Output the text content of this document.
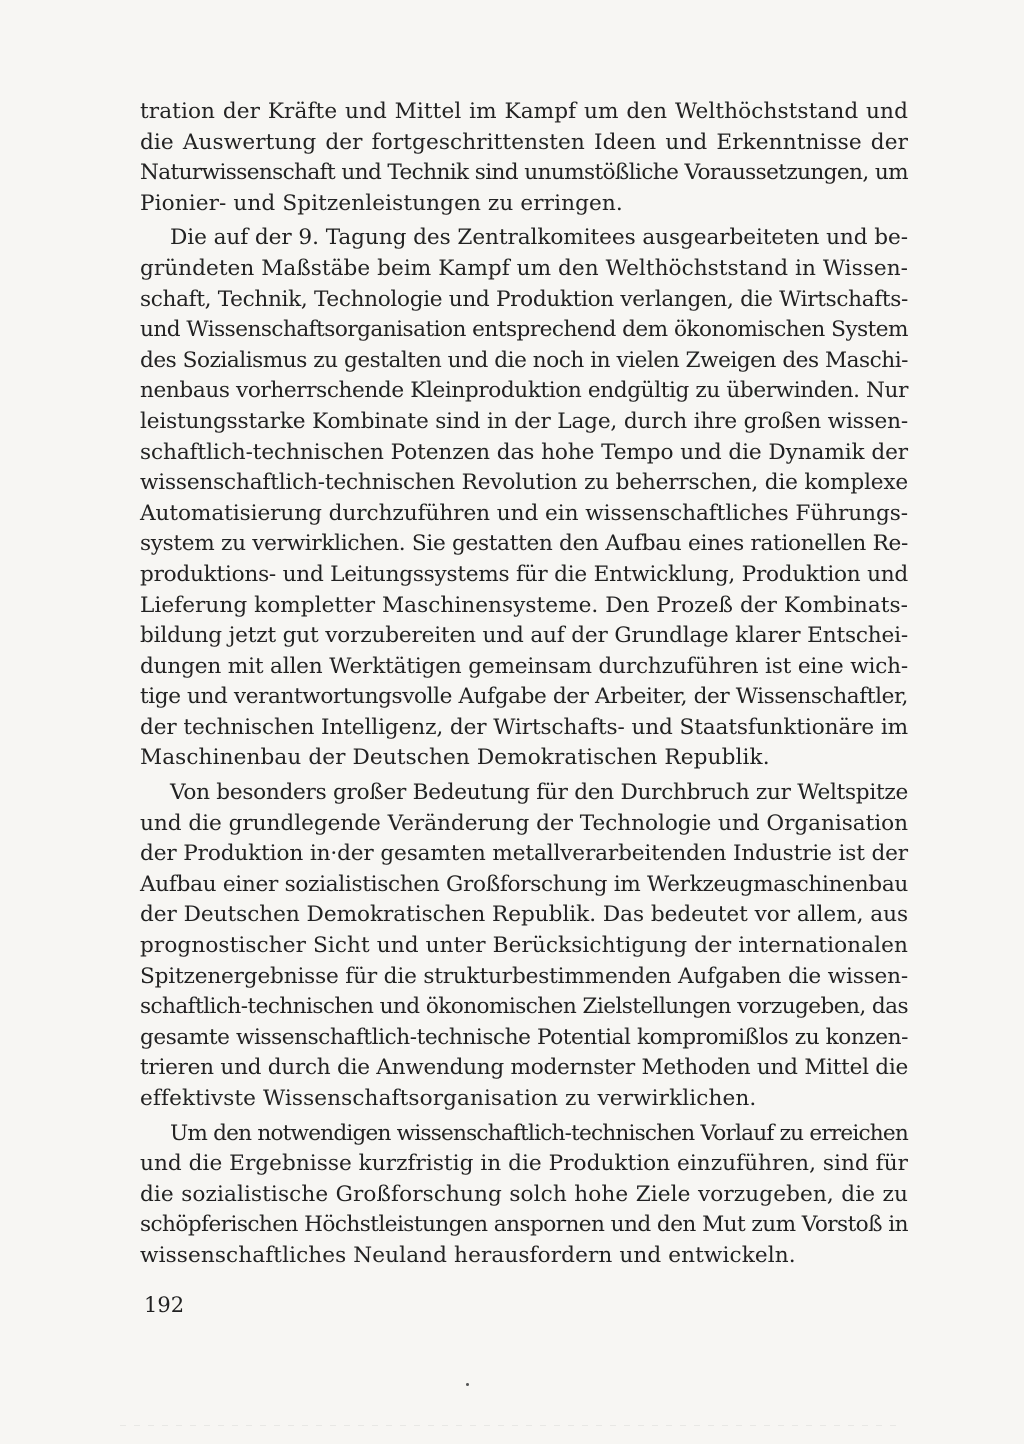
tration der Kräfte und Mittel im Kampf um den Welthöchststand und
die Auswertung der fortgeschrittensten Ideen und Erkenntnisse der
Naturwissenschaft und Technik sind unumstößliche Voraussetzungen, um
Pionier- und Spitzenleistungen zu erringen.

Die auf der 9. Tagung des Zentralkomitees ausgearbeiteten und be-
gründeten Maßstäbe beim Kampf um den Welthöchststand in Wissen-
schaft, Technik, Technologie und Produktion verlangen, die Wirtschafts-
und Wissenschaftsorganisation entsprechend dem ökonomischen System
des Sozialismus zu gestalten und die noch in vielen Zweigen des Maschi-
nenbaus vorherrschende Kleinproduktion endgültig zu überwinden. Nur
leistungsstarke Kombinate sind in der Lage, durch ihre großen wissen-
schaftlich-technischen Potenzen das hohe Tempo und die Dynamik der
wissenschaftlich-technischen Revolution zu beherrschen, die komplexe
Automatisierung durchzuführen und ein wissenschaftliches Führungs-
system zu verwirklichen. Sie gestatten den Aufbau eines rationellen Re-
produktions- und Leitungssystems für die Entwicklung, Produktion und
Lieferung kompletter Maschinensysteme. Den Prozeß der Kombinats-
bildung jetzt gut vorzubereiten und auf der Grundlage klarer Entschei-
dungen mit allen Werktätigen gemeinsam durchzuführen ist eine wich-
tige und verantwortungsvolle Aufgabe der Arbeiter, der Wissenschaftler,
der technischen Intelligenz, der Wirtschafts- und Staatsfunktionäre im
Maschinenbau der Deutschen Demokratischen Republik.

Von besonders großer Bedeutung für den Durchbruch zur Weltspitze
und die grundlegende Veränderung der Technologie und Organisation
der Produktion in·der gesamten metallverarbeitenden Industrie ist der
Aufbau einer sozialistischen Großforschung im Werkzeugmaschinenbau
der Deutschen Demokratischen Republik. Das bedeutet vor allem, aus
prognostischer Sicht und unter Berücksichtigung der internationalen
Spitzenergebnisse für die strukturbestimmenden Aufgaben die wissen-
schaftlich-technischen und ökonomischen Zielstellungen vorzugeben, das
gesamte wissenschaftlich-technische Potential kompromißlos zu konzen-
trieren und durch die Anwendung modernster Methoden und Mittel die
effektivste Wissenschaftsorganisation zu verwirklichen.

Um den notwendigen wissenschaftlich-technischen Vorlauf zu erreichen
und die Ergebnisse kurzfristig in die Produktion einzuführen, sind für
die sozialistische Großforschung solch hohe Ziele vorzugeben, die zu
schöpferischen Höchstleistungen anspornen und den Mut zum Vorstoß in
wissenschaftliches Neuland herausfordern und entwickeln.

192
